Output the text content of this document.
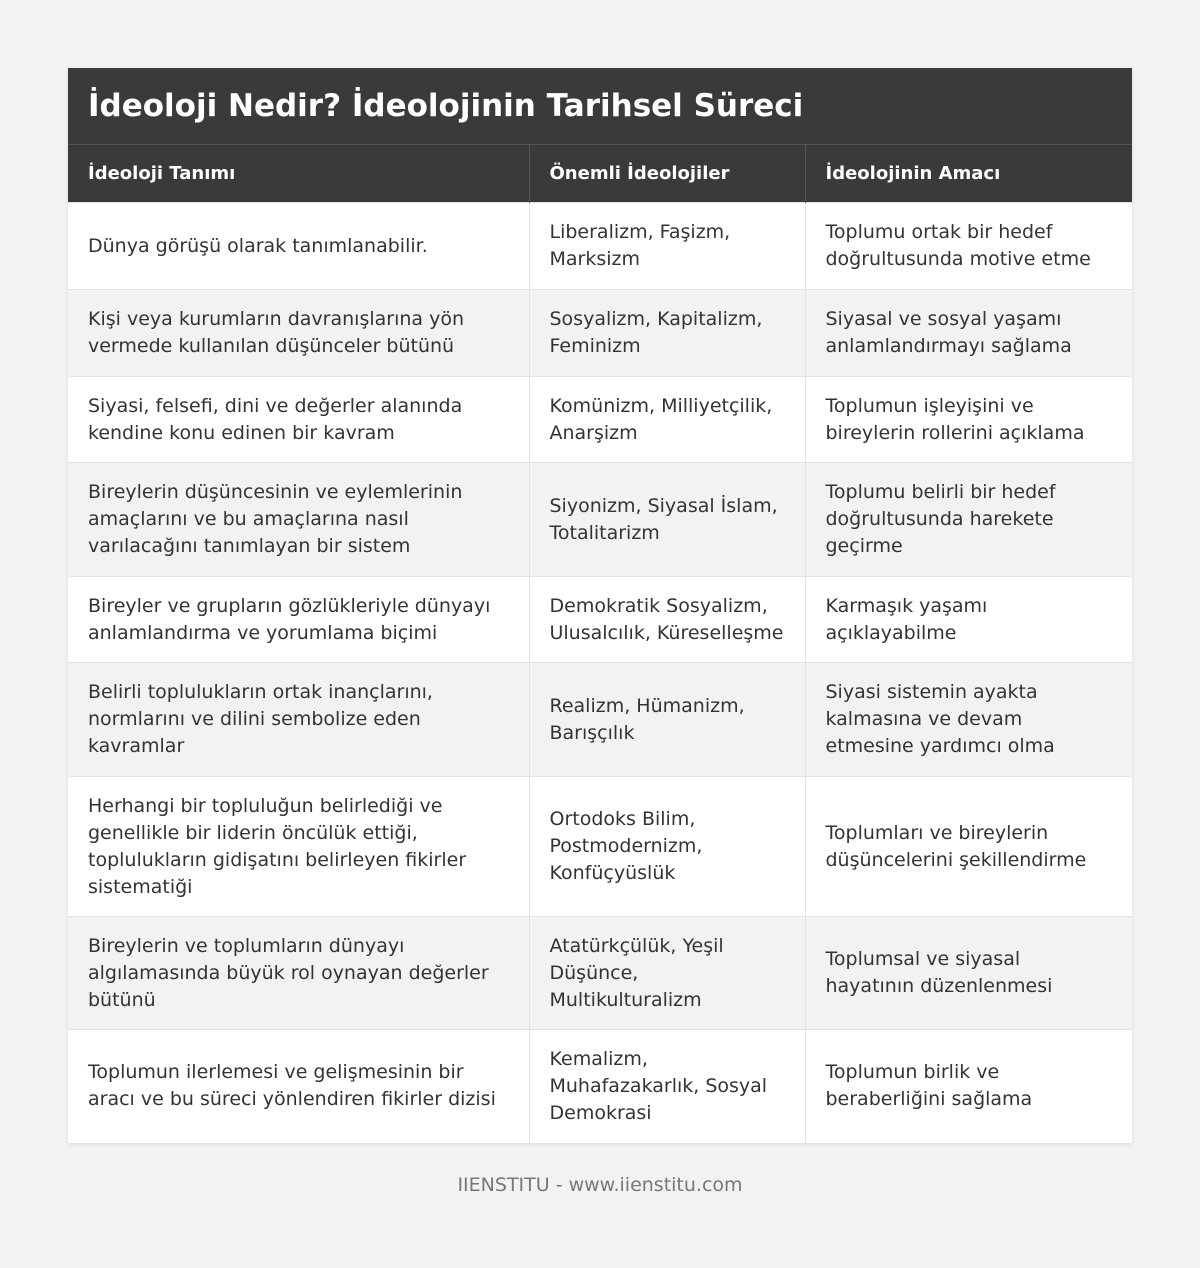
İdeoloji Nedir? İdeolojinin Tarihsel Süreci
İdeoloji Tanımı	Önemli İdeolojiler	İdeolojinin Amacı
Dünya görüşü olarak tanımlanabilir.	Liberalizm, Faşizm, Marksizm	Toplumu ortak bir hedef doğrultusunda motive etme
Kişi veya kurumların davranışlarına yön vermede kullanılan düşünceler bütünü	Sosyalizm, Kapitalizm, Feminizm	Siyasal ve sosyal yaşamı anlamlandırmayı sağlama
Siyasi, felsefi, dini ve değerler alanında kendine konu edinen bir kavram	Komünizm, Milliyetçilik, Anarşizm	Toplumun işleyişini ve bireylerin rollerini açıklama
Bireylerin düşüncesinin ve eylemlerinin amaçlarını ve bu amaçlarına nasıl varılacağını tanımlayan bir sistem	Siyonizm, Siyasal İslam, Totalitarizm	Toplumu belirli bir hedef doğrultusunda harekete geçirme
Bireyler ve grupların gözlükleriyle dünyayı anlamlandırma ve yorumlama biçimi	Demokratik Sosyalizm, Ulusalcılık, Küreselleşme	Karmaşık yaşamı açıklayabilme
Belirli toplulukların ortak inançlarını, normlarını ve dilini sembolize eden kavramlar	Realizm, Hümanizm, Barışçılık	Siyasi sistemin ayakta kalmasına ve devam etmesine yardımcı olma
Herhangi bir topluluğun belirlediği ve genellikle bir liderin öncülük ettiği, toplulukların gidişatını belirleyen fikirler sistematiği	Ortodoks Bilim, Postmodernizm, Konfüçyüslük	Toplumları ve bireylerin düşüncelerini şekillendirme
Bireylerin ve toplumların dünyayı algılamasında büyük rol oynayan değerler bütünü	Atatürkçülük, Yeşil Düşünce, Multikulturalizm	Toplumsal ve siyasal hayatının düzenlenmesi
Toplumun ilerlemesi ve gelişmesinin bir aracı ve bu süreci yönlendiren fikirler dizisi	Kemalizm, Muhafazakarlık, Sosyal Demokrasi	Toplumun birlik ve beraberliğini sağlama
IIENSTITU - www.iienstitu.com
